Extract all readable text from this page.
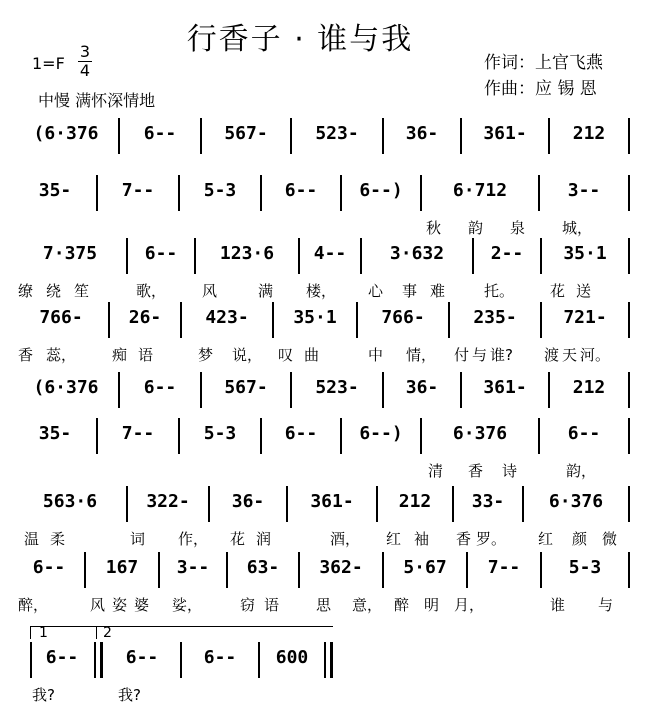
行香子 · 谁与我
1=F
3
4
中慢 满怀深情地
作词：上官飞燕
作曲：应 锡 恩
(6·376	6--	567-	523-	36-	361-	212
35-	7--	5-3	6-- 6--)	6·712	3--
秋 韵 泉 城，
7·375	6-- 123·6 4-- 3·632	2-- 35·1
缭 绕 笙	歌， 风	满 楼， 心 事 难	托。 花 送
766-	26- 423- 35·1 766-	235-	721-
香 蕊， 痴 语	梦 说， 叹 曲	中 情， 付 与 谁? 渡 天 河。
(6·376	6--	567-	523-	36-	361-	212
35-	7--	5-3	6-- 6--)	6·376	6--
清 香 诗	韵，
563·6	322- 36-	361-	212 33- 6·376
温 柔	词 作， 花 润	酒， 红 袖 香 罗。 红 颜 微
6-- 167 3-- 63- 362- 5·67 7--	5-3
醉，	风 姿 婆 娑，	窃 语 思 意， 醉 明 月，	谁 与
1	2
6--	6--	6-- 600
我?	我?
